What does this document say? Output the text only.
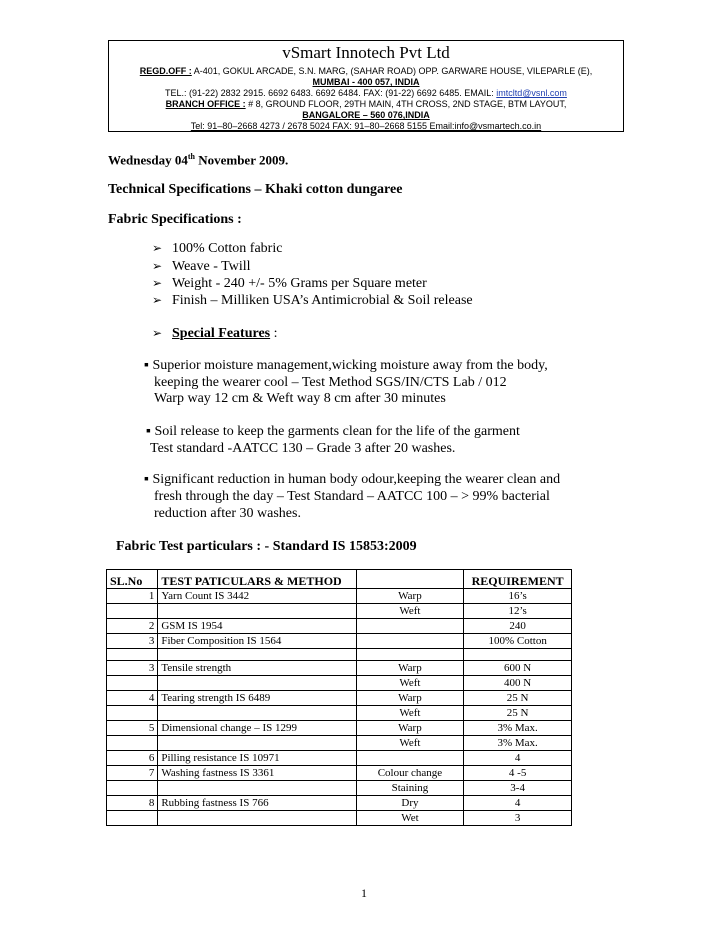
vSmart Innotech Pvt Ltd
REGD.OFF : A-401, GOKUL ARCADE, S.N. MARG, (SAHAR ROAD) OPP. GARWARE HOUSE, VILEPARLE (E),
MUMBAI - 400 057, INDIA
TEL.: (91-22) 2832 2915. 6692 6483. 6692 6484. FAX: (91-22) 6692 6485. EMAIL: imtcltd@vsnl.com
BRANCH OFFICE : # 8, GROUND FLOOR, 29TH MAIN, 4TH CROSS, 2ND STAGE, BTM LAYOUT,
BANGALORE – 560 076,INDIA
Tel: 91–80–2668 4273 / 2678 5024 FAX: 91–80–2668 5155 Email:info@vsmartech.co.in
Wednesday 04th November 2009.
Technical Specifications – Khaki cotton dungaree
Fabric Specifications :
➢ 100% Cotton fabric
➢ Weave - Twill
➢ Weight - 240 +/- 5% Grams per Square meter
➢ Finish – Milliken USA’s Antimicrobial & Soil release
➢ Special Features :
▪ Superior moisture management,wicking moisture away from the body,
keeping the wearer cool – Test Method SGS/IN/CTS Lab / 012
Warp way 12 cm & Weft way 8 cm after 30 minutes
▪ Soil release to keep the garments clean for the life of the garment
Test standard -AATCC 130 – Grade 3 after 20 washes.
▪ Significant reduction in human body odour,keeping the wearer clean and
fresh through the day – Test Standard – AATCC 100 – > 99% bacterial
reduction after 30 washes.
Fabric Test particulars : - Standard IS 15853:2009
SL.No	TEST PATICULARS & METHOD		REQUIREMENT
1	Yarn Count IS 3442	Warp	16’s
		Weft	12’s
2	GSM IS 1954		240
3	Fiber Composition IS 1564		100% Cotton

3	Tensile strength	Warp	600 N
		Weft	400 N
4	Tearing strength IS 6489	Warp	25 N
		Weft	25 N
5	Dimensional change – IS 1299	Warp	3% Max.
		Weft	3% Max.
6	Pilling resistance IS 10971		4
7	Washing fastness IS 3361	Colour change	4 -5
		Staining	3-4
8	Rubbing fastness IS 766	Dry	4
		Wet	3
1
